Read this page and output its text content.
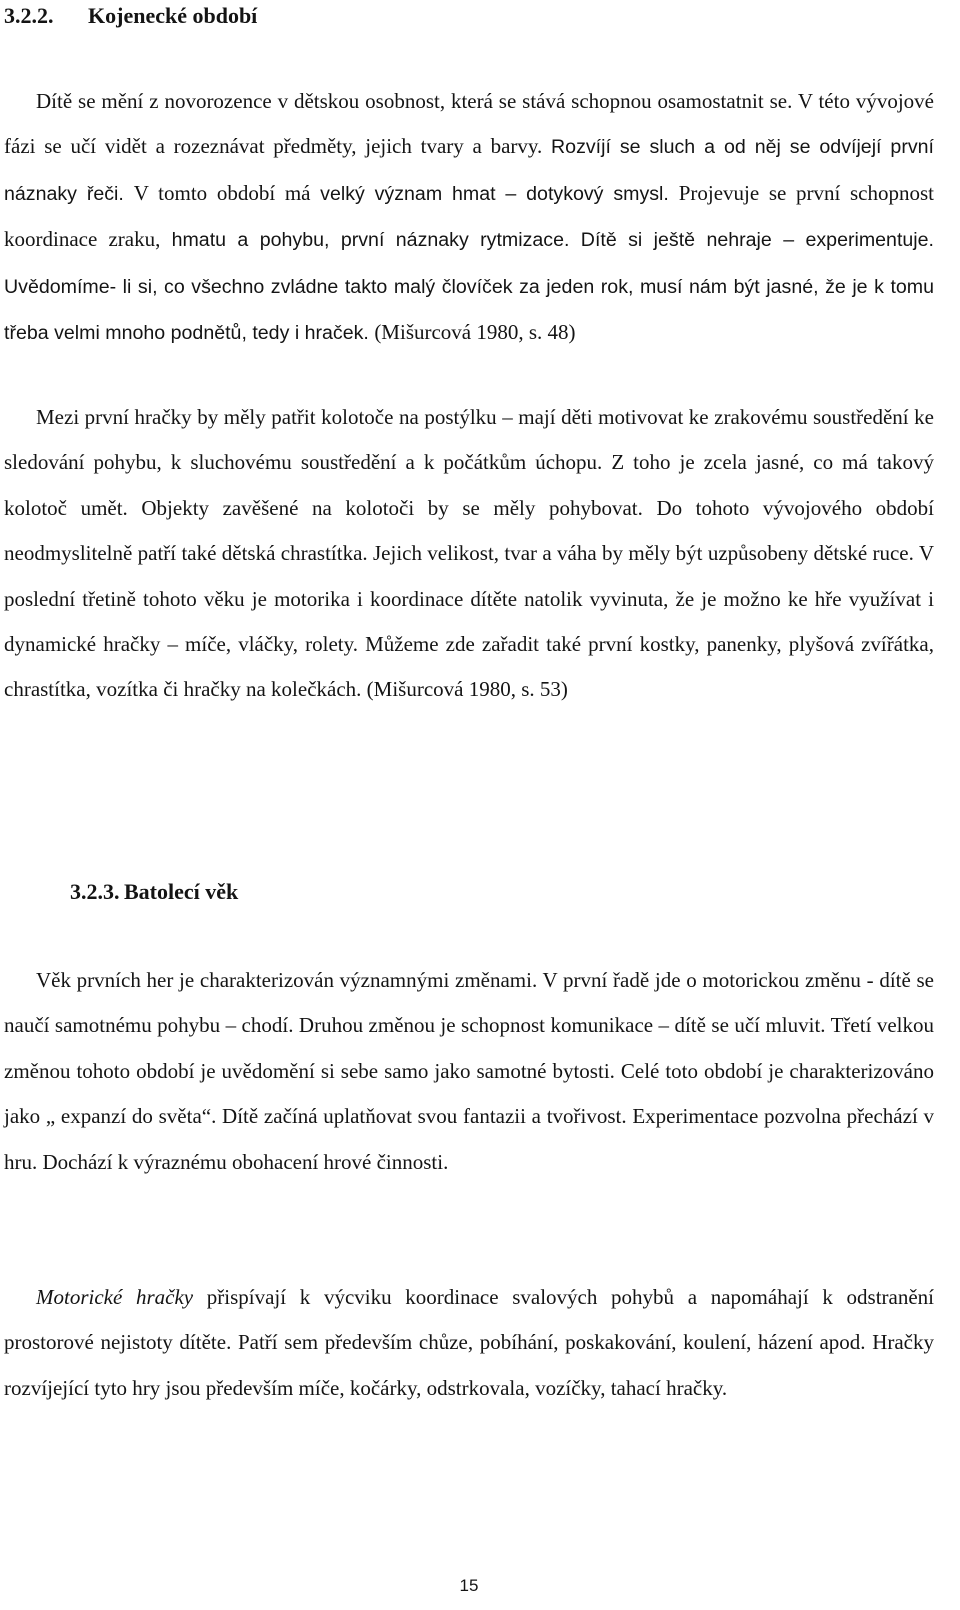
3.2.2. Kojenecké období

Dítě se mění z novorozence v dětskou osobnost, která se stává schopnou osamostatnit se. V této vývojové fázi se učí vidět a rozeznávat předměty, jejich tvary a barvy. Rozvíjí se sluch a od něj se odvíjejí první náznaky řeči. V tomto období má velký význam hmat – dotykový smysl. Projevuje se první schopnost koordinace zraku, hmatu a pohybu, první náznaky rytmizace. Dítě si ještě nehraje – experimentuje. Uvědomíme- li si, co všechno zvládne takto malý človíček za jeden rok, musí nám být jasné, že je k tomu třeba velmi mnoho podnětů, tedy i hraček. (Mišurcová 1980, s. 48)

Mezi první hračky by měly patřit kolotoče na postýlku – mají děti motivovat ke zrakovému soustředění ke sledování pohybu, k sluchovému soustředění a k počátkům úchopu. Z toho je zcela jasné, co má takový kolotoč umět. Objekty zavěšené na kolotoči by se měly pohybovat. Do tohoto vývojového období neodmyslitelně patří také dětská chrastítka. Jejich velikost, tvar a váha by měly být uzpůsobeny dětské ruce. V poslední třetině tohoto věku je motorika i koordinace dítěte natolik vyvinuta, že je možno ke hře využívat i dynamické hračky – míče, vláčky, rolety. Můžeme zde zařadit také první kostky, panenky, plyšová zvířátka, chrastítka, vozítka či hračky na kolečkách. (Mišurcová 1980, s. 53)

3.2.3. Batolecí věk

Věk prvních her je charakterizován významnými změnami. V první řadě jde o motorickou změnu - dítě se naučí samotnému pohybu – chodí. Druhou změnou je schopnost komunikace – dítě se učí mluvit. Třetí velkou změnou tohoto období je uvědomění si sebe samo jako samotné bytosti. Celé toto období je charakterizováno jako „ expanzí do světa“. Dítě začíná uplatňovat svou fantazii a tvořivost. Experimentace pozvolna přechází v hru. Dochází k výraznému obohacení hrové činnosti.

Motorické hračky přispívají k výcviku koordinace svalových pohybů a napomáhají k odstranění prostorové nejistoty dítěte. Patří sem především chůze, pobíhání, poskakování, koulení, házení apod. Hračky rozvíjející tyto hry jsou především míče, kočárky, odstrkovala, vozíčky, tahací hračky.

15
